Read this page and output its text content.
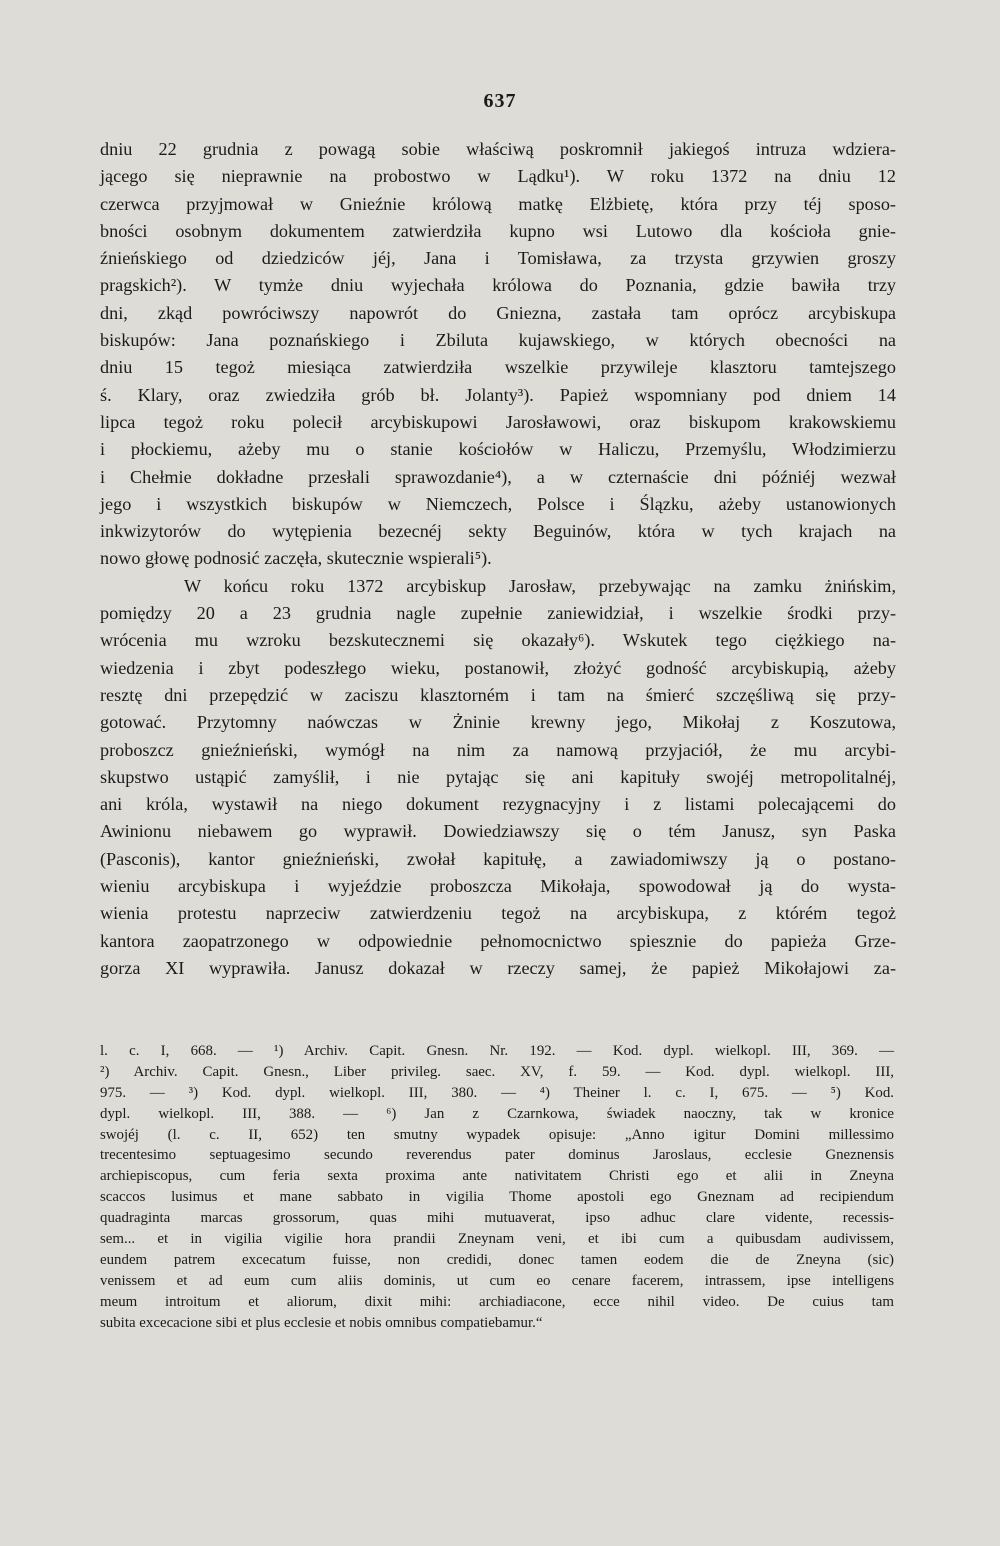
637
dniu 22 grudnia z powagą sobie właściwą poskromnił jakiegoś intruza wdziera-
jącego się nieprawnie na probostwo w Lądku¹). W roku 1372 na dniu 12
czerwca przyjmował w Gnieźnie królową matkę Elżbietę, która przy téj sposo-
bności osobnym dokumentem zatwierdziła kupno wsi Lutowo dla kościoła gnie-
źnieńskiego od dziedziców jéj, Jana i Tomisława, za trzysta grzywien groszy
pragskich²). W tymże dniu wyjechała królowa do Poznania, gdzie bawiła trzy
dni, zkąd powróciwszy napowrót do Gniezna, zastała tam oprócz arcybiskupa
biskupów: Jana poznańskiego i Zbiluta kujawskiego, w których obecności na
dniu 15 tegoż miesiąca zatwierdziła wszelkie przywileje klasztoru tamtejszego
ś. Klary, oraz zwiedziła grób bł. Jolanty³). Papież wspomniany pod dniem 14
lipca tegoż roku polecił arcybiskupowi Jarosławowi, oraz biskupom krakowskiemu
i płockiemu, ażeby mu o stanie kościołów w Haliczu, Przemyślu, Włodzimierzu
i Chełmie dokładne przesłali sprawozdanie⁴), a w czternaście dni późniéj wezwał
jego i wszystkich biskupów w Niemczech, Polsce i Ślązku, ażeby ustanowionych
inkwizytorów do wytępienia bezecnéj sekty Beguinów, która w tych krajach na
nowo głowę podnosić zaczęła, skutecznie wspierali⁵).
W końcu roku 1372 arcybiskup Jarosław, przebywając na zamku żnińskim,
pomiędzy 20 a 23 grudnia nagle zupełnie zaniewidział, i wszelkie środki przy-
wrócenia mu wzroku bezskutecznemi się okazały⁶). Wskutek tego ciężkiego na-
wiedzenia i zbyt podeszłego wieku, postanowił, złożyć godność arcybiskupią, ażeby
resztę dni przepędzić w zaciszu klasztorném i tam na śmierć szczęśliwą się przy-
gotować. Przytomny naówczas w Żninie krewny jego, Mikołaj z Koszutowa,
proboszcz gnieźnieński, wymógł na nim za namową przyjaciół, że mu arcybi-
skupstwo ustąpić zamyślił, i nie pytając się ani kapituły swojéj metropolitalnéj,
ani króla, wystawił na niego dokument rezygnacyjny i z listami polecającemi do
Awinionu niebawem go wyprawił. Dowiedziawszy się o tém Janusz, syn Paska
(Pasconis), kantor gnieźnieński, zwołał kapitułę, a zawiadomiwszy ją o postano-
wieniu arcybiskupa i wyjeździe proboszcza Mikołaja, spowodował ją do wysta-
wienia protestu naprzeciw zatwierdzeniu tegoż na arcybiskupa, z którém tegoż
kantora zaopatrzonego w odpowiednie pełnomocnictwo spiesznie do papieża Grze-
gorza XI wyprawiła. Janusz dokazał w rzeczy samej, że papież Mikołajowi za-
l. c. I, 668. — ¹) Archiv. Capit. Gnesn. Nr. 192. — Kod. dypl. wielkopl. III, 369. —
²) Archiv. Capit. Gnesn., Liber privileg. saec. XV, f. 59. — Kod. dypl. wielkopl. III,
975. — ³) Kod. dypl. wielkopl. III, 380. — ⁴) Theiner l. c. I, 675. — ⁵) Kod.
dypl. wielkopl. III, 388. — ⁶) Jan z Czarnkowa, świadek naoczny, tak w kronice
swojéj (l. c. II, 652) ten smutny wypadek opisuje: „Anno igitur Domini millessimo
trecentesimo septuagesimo secundo reverendus pater dominus Jaroslaus, ecclesie Gneznensis
archiepiscopus, cum feria sexta proxima ante nativitatem Christi ego et alii in Zneyna
scaccos lusimus et mane sabbato in vigilia Thome apostoli ego Gneznam ad recipiendum
quadraginta marcas grossorum, quas mihi mutuaverat, ipso adhuc clare vidente, recessis-
sem... et in vigilia vigilie hora prandii Zneynam veni, et ibi cum a quibusdam audivissem,
eundem patrem excecatum fuisse, non credidi, donec tamen eodem die de Zneyna (sic)
venissem et ad eum cum aliis dominis, ut cum eo cenare facerem, intrassem, ipse intelligens
meum introitum et aliorum, dixit mihi: archiadiacone, ecce nihil video. De cuius tam
subita excecacione sibi et plus ecclesie et nobis omnibus compatiebamur.“
